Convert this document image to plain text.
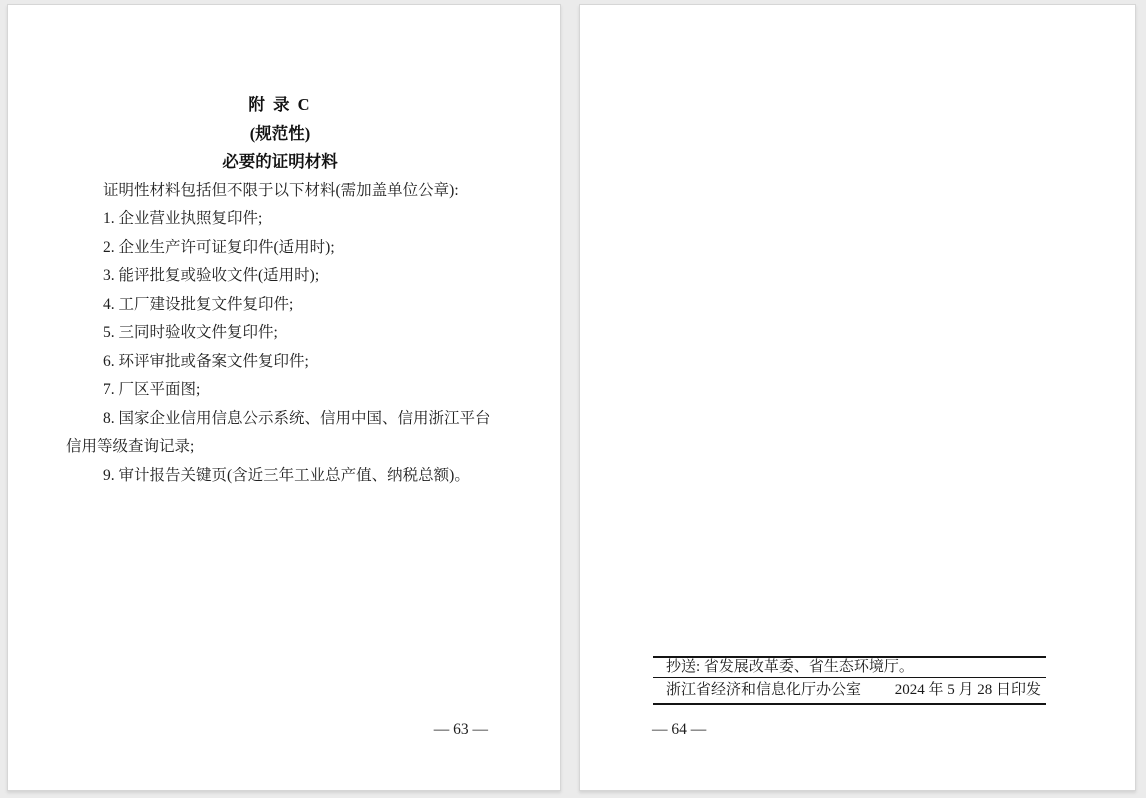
附 录 C
(规范性)
必要的证明材料
证明性材料包括但不限于以下材料(需加盖单位公章):
1. 企业营业执照复印件;
2. 企业生产许可证复印件(适用时);
3. 能评批复或验收文件(适用时);
4. 工厂建设批复文件复印件;
5. 三同时验收文件复印件;
6. 环评审批或备案文件复印件;
7. 厂区平面图;
8. 国家企业信用信息公示系统、信用中国、信用浙江平台
信用等级查询记录;
9. 审计报告关键页(含近三年工业总产值、纳税总额)。
— 63 —
抄送: 省发展改革委、省生态环境厅。
浙江省经济和信息化厅办公室 2024 年 5 月 28 日印发
— 64 —
